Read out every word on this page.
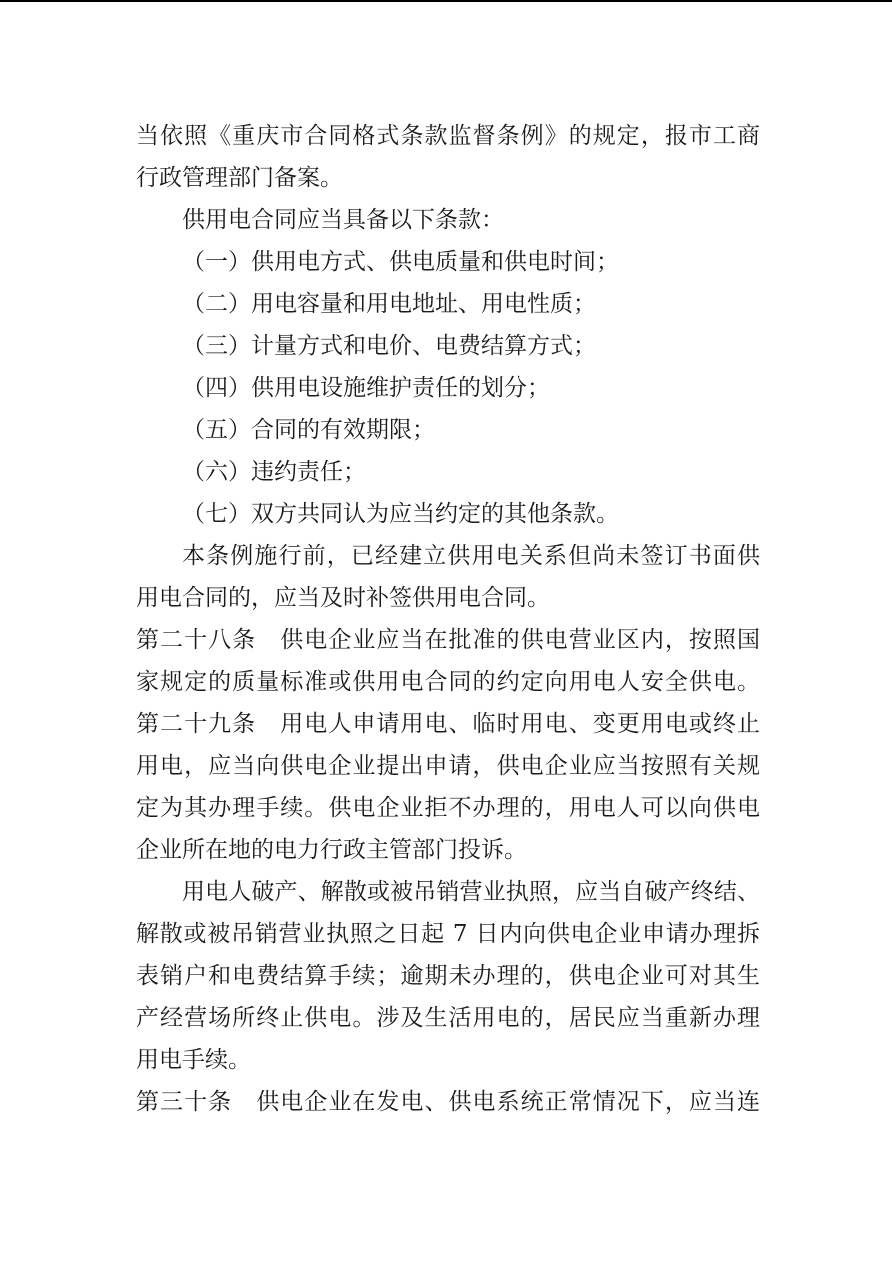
当依照《重庆市合同格式条款监督条例》的规定，报市工商
行政管理部门备案。
供用电合同应当具备以下条款：
（一）供用电方式、供电质量和供电时间；
（二）用电容量和用电地址、用电性质；
（三）计量方式和电价、电费结算方式；
（四）供用电设施维护责任的划分；
（五）合同的有效期限；
（六）违约责任；
（七）双方共同认为应当约定的其他条款。
本条例施行前，已经建立供用电关系但尚未签订书面供
用电合同的，应当及时补签供用电合同。
第二十八条　供电企业应当在批准的供电营业区内，按照国
家规定的质量标准或供用电合同的约定向用电人安全供电。
第二十九条　用电人申请用电、临时用电、变更用电或终止
用电，应当向供电企业提出申请，供电企业应当按照有关规
定为其办理手续。供电企业拒不办理的，用电人可以向供电
企业所在地的电力行政主管部门投诉。
用电人破产、解散或被吊销营业执照，应当自破产终结、
解散或被吊销营业执照之日起 7 日内向供电企业申请办理拆
表销户和电费结算手续；逾期未办理的，供电企业可对其生
产经营场所终止供电。涉及生活用电的，居民应当重新办理
用电手续。
第三十条　供电企业在发电、供电系统正常情况下，应当连
